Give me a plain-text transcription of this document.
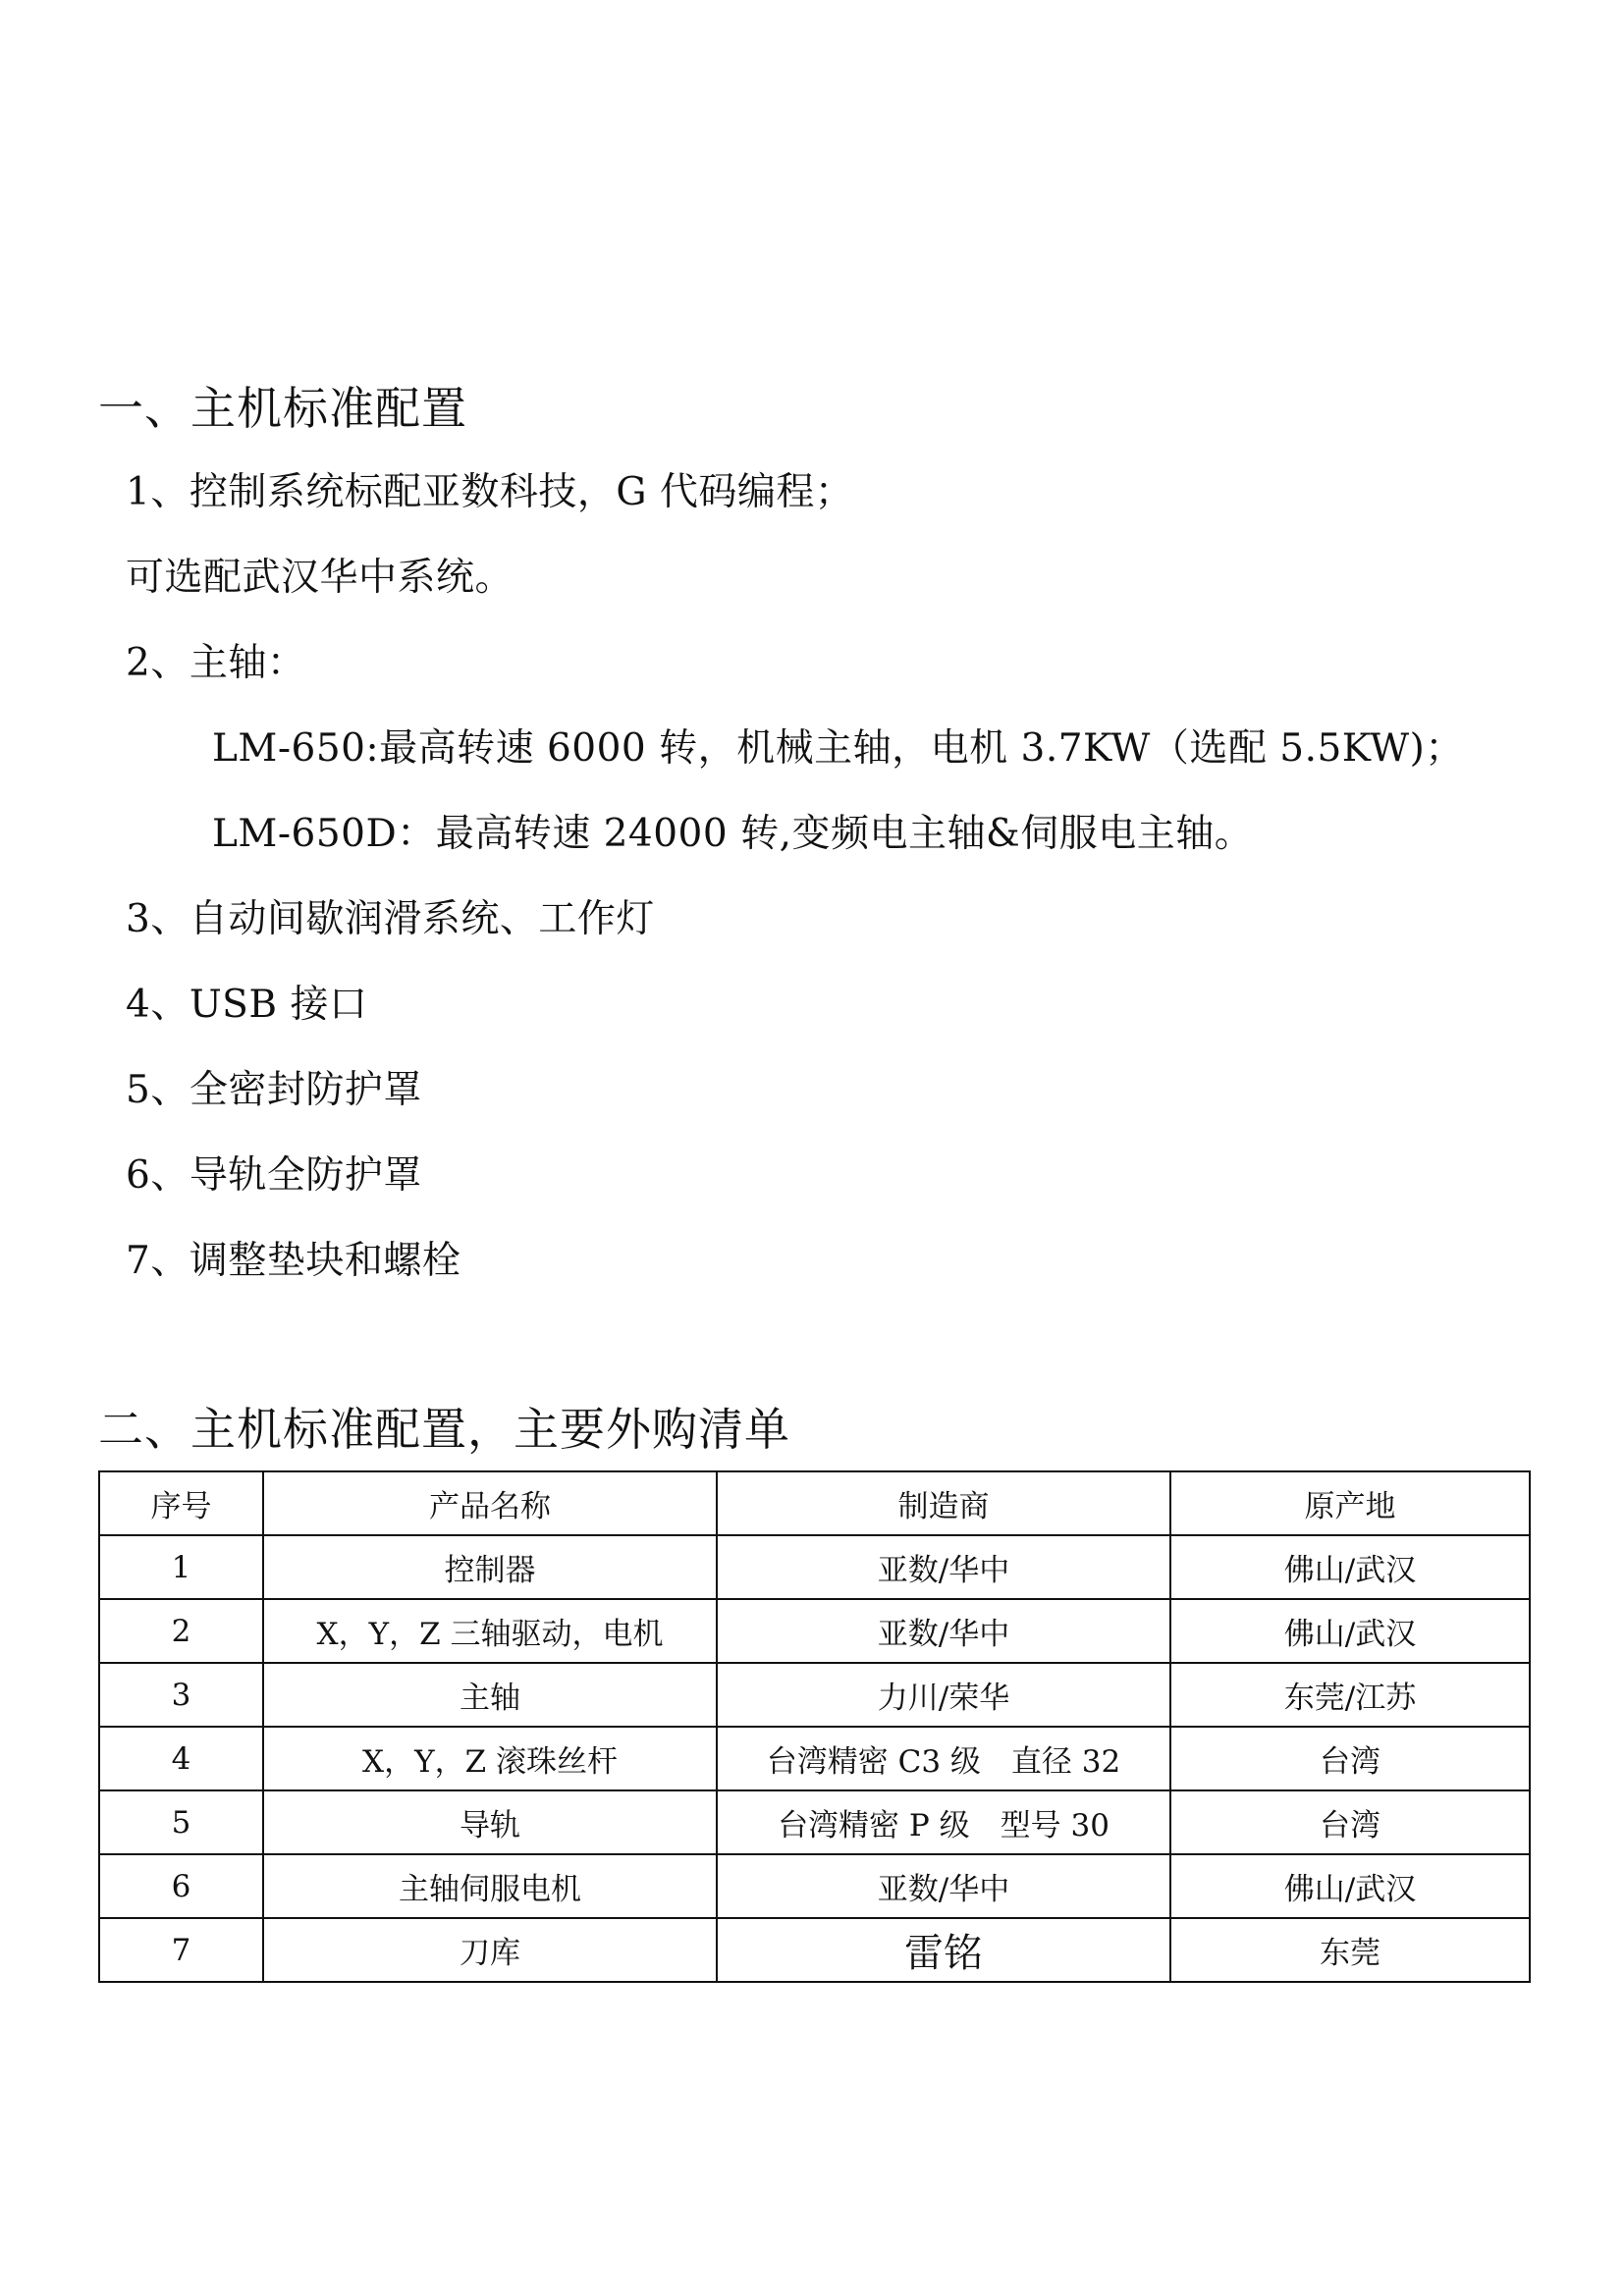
一、主机标准配置
1、控制系统标配亚数科技，G 代码编程；
可选配武汉华中系统。
2、主轴：
LM-650:最高转速 6000 转，机械主轴，电机 3.7KW（选配 5.5KW)；
LM-650D：最高转速 24000 转,变频电主轴&伺服电主轴。
3、自动间歇润滑系统、工作灯
4、USB 接口
5、全密封防护罩
6、导轨全防护罩
7、调整垫块和螺栓
二、主机标准配置，主要外购清单
序号	产品名称	制造商	原产地
1	控制器	亚数/华中	佛山/武汉
2	X，Y，Z 三轴驱动，电机	亚数/华中	佛山/武汉
3	主轴	力川/荣华	东莞/江苏
4	X，Y，Z 滚珠丝杆	台湾精密 C3 级　直径 32	台湾
5	导轨	台湾精密 P 级　型号 30	台湾
6	主轴伺服电机	亚数/华中	佛山/武汉
7	刀库	雷铭	东莞
